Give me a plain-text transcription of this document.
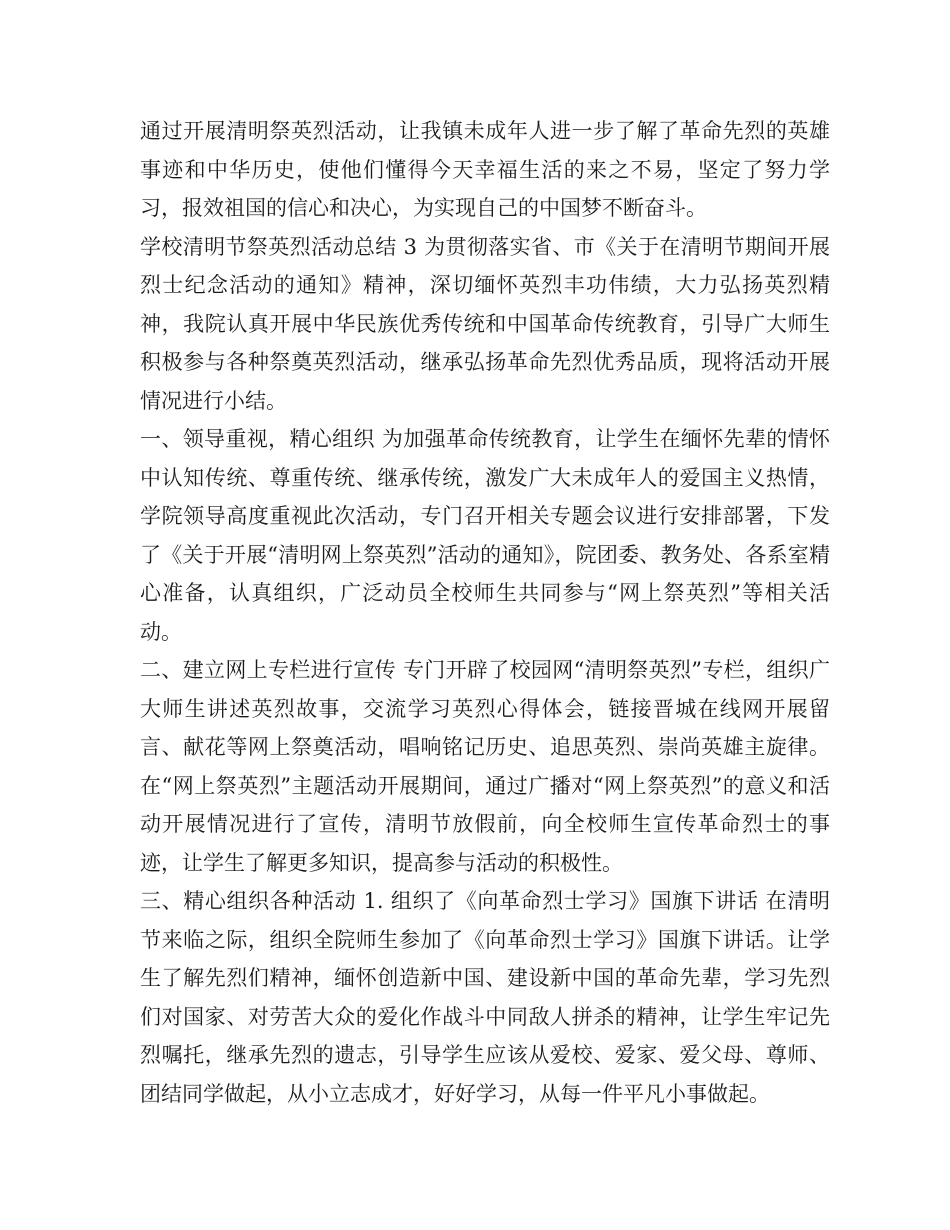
通过开展清明祭英烈活动，让我镇未成年人进一步了解了革命先烈的英雄事迹和中华历史，使他们懂得今天幸福生活的来之不易，坚定了努力学习，报效祖国的信心和决心，为实现自己的中国梦不断奋斗。

学校清明节祭英烈活动总结 3 为贯彻落实省、市《关于在清明节期间开展烈士纪念活动的通知》精神，深切缅怀英烈丰功伟绩，大力弘扬英烈精神，我院认真开展中华民族优秀传统和中国革命传统教育，引导广大师生积极参与各种祭奠英烈活动，继承弘扬革命先烈优秀品质，现将活动开展情况进行小结。

一、领导重视，精心组织 为加强革命传统教育，让学生在缅怀先辈的情怀中认知传统、尊重传统、继承传统，激发广大未成年人的爱国主义热情，学院领导高度重视此次活动，专门召开相关专题会议进行安排部署，下发了《关于开展“清明网上祭英烈”活动的通知》，院团委、教务处、各系室精心准备，认真组织，广泛动员全校师生共同参与“网上祭英烈”等相关活动。

二、建立网上专栏进行宣传 专门开辟了校园网“清明祭英烈”专栏，组织广大师生讲述英烈故事，交流学习英烈心得体会，链接晋城在线网开展留言、献花等网上祭奠活动，唱响铭记历史、追思英烈、崇尚英雄主旋律。在“网上祭英烈”主题活动开展期间，通过广播对“网上祭英烈”的意义和活动开展情况进行了宣传，清明节放假前，向全校师生宣传革命烈士的事迹，让学生了解更多知识，提高参与活动的积极性。

三、精心组织各种活动 1. 组织了《向革命烈士学习》国旗下讲话 在清明节来临之际，组织全院师生参加了《向革命烈士学习》国旗下讲话。让学生了解先烈们精神，缅怀创造新中国、建设新中国的革命先辈，学习先烈们对国家、对劳苦大众的爱化作战斗中同敌人拼杀的精神，让学生牢记先烈嘱托，继承先烈的遗志，引导学生应该从爱校、爱家、爱父母、尊师、团结同学做起，从小立志成才，好好学习，从每一件平凡小事做起。
